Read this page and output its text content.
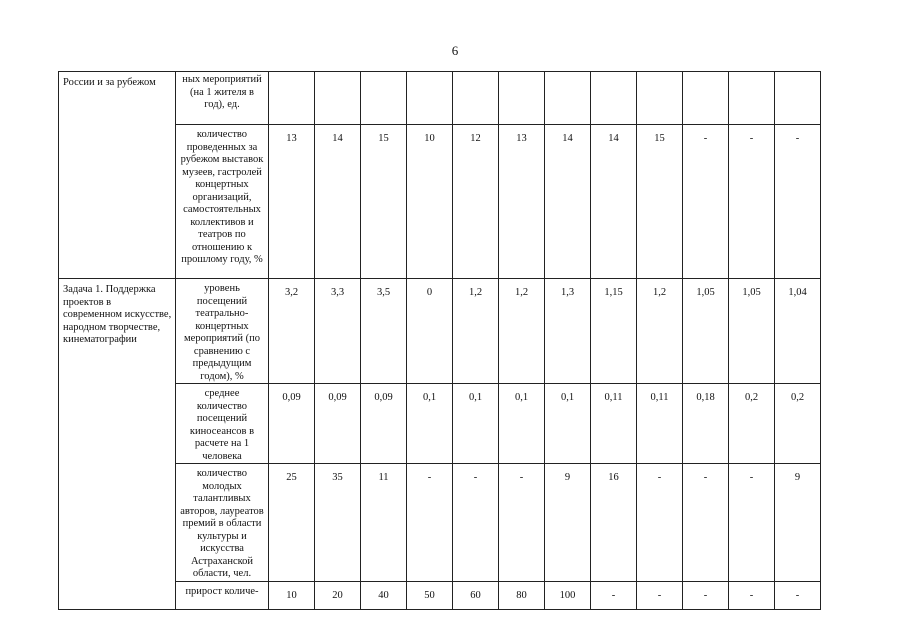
6
России и за рубежом	ных мероприятий (на 1 жителя в год), ед.												
	количество проведенных за рубежом выставок музеев, гастролей концертных организаций, самостоятельных коллективов и театров по отношению к прошлому году, %	13	14	15	10	12	13	14	14	15	-	-	-
Задача 1. Поддержка проектов в современном искусстве, народном творчестве, кинематографии	уровень посещений театрально-концертных мероприятий (по сравнению с предыдущим годом), %	3,2	3,3	3,5	0	1,2	1,2	1,3	1,15	1,2	1,05	1,05	1,04
	среднее количество посещений киносеансов в расчете на 1 человека	0,09	0,09	0,09	0,1	0,1	0,1	0,1	0,11	0,11	0,18	0,2	0,2
	количество молодых талантливых авторов, лауреатов премий в области культуры и искусства Астраханской области, чел.	25	35	11	-	-	-	9	16	-	-	-	9
	прирост количе-	10	20	40	50	60	80	100	-	-	-	-	-
